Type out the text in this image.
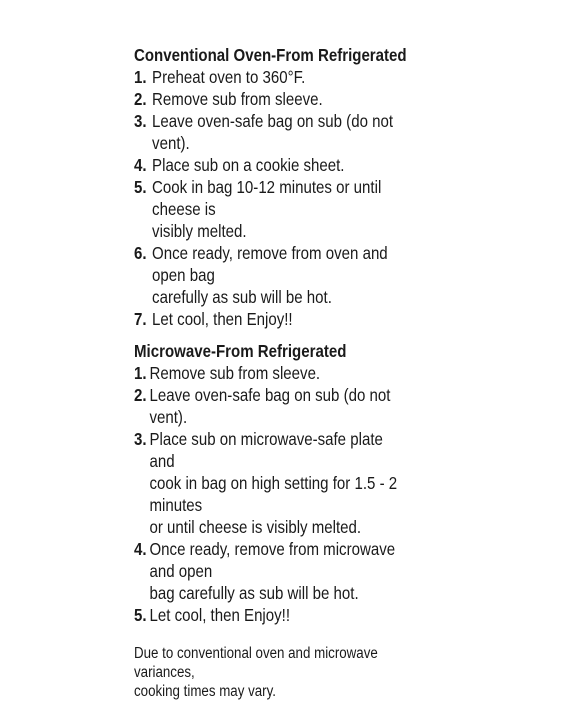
Conventional Oven-From Refrigerated
1. Preheat oven to 360°F.
2. Remove sub from sleeve.
3. Leave oven-safe bag on sub (do not vent).
4. Place sub on a cookie sheet.
5. Cook in bag 10-12 minutes or until cheese is
visibly melted.
6. Once ready, remove from oven and open bag
carefully as sub will be hot.
7. Let cool, then Enjoy!!
Microwave-From Refrigerated
1. Remove sub from sleeve.
2. Leave oven-safe bag on sub (do not vent).
3. Place sub on microwave-safe plate and
cook in bag on high setting for 1.5 - 2 minutes
or until cheese is visibly melted.
4. Once ready, remove from microwave and open
bag carefully as sub will be hot.
5. Let cool, then Enjoy!!

Due to conventional oven and microwave variances,
cooking times may vary.
